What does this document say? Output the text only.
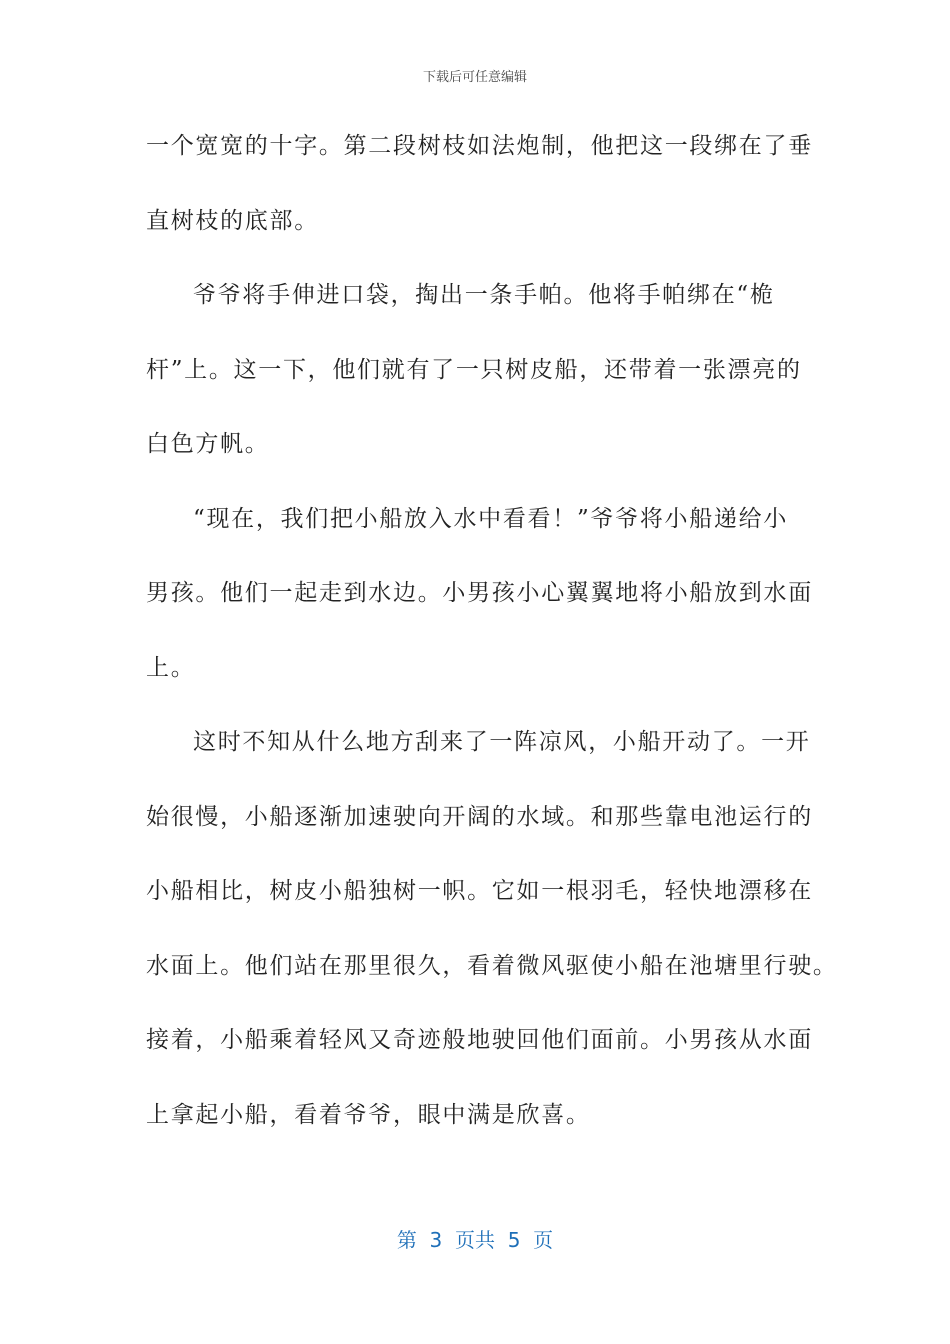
下载后可任意编辑
一个宽宽的十字。第二段树枝如法炮制，他把这一段绑在了垂
直树枝的底部。
爷爷将手伸进口袋，掏出一条手帕。他将手帕绑在“桅
杆”上。这一下，他们就有了一只树皮船，还带着一张漂亮的
白色方帆。
“现在，我们把小船放入水中看看！”爷爷将小船递给小
男孩。他们一起走到水边。小男孩小心翼翼地将小船放到水面
上。
这时不知从什么地方刮来了一阵凉风，小船开动了。一开
始很慢，小船逐渐加速驶向开阔的水域。和那些靠电池运行的
小船相比，树皮小船独树一帜。它如一根羽毛，轻快地漂移在
水面上。他们站在那里很久，看着微风驱使小船在池塘里行驶。
接着，小船乘着轻风又奇迹般地驶回他们面前。小男孩从水面
上拿起小船，看着爷爷，眼中满是欣喜。
第  3  页共  5  页
